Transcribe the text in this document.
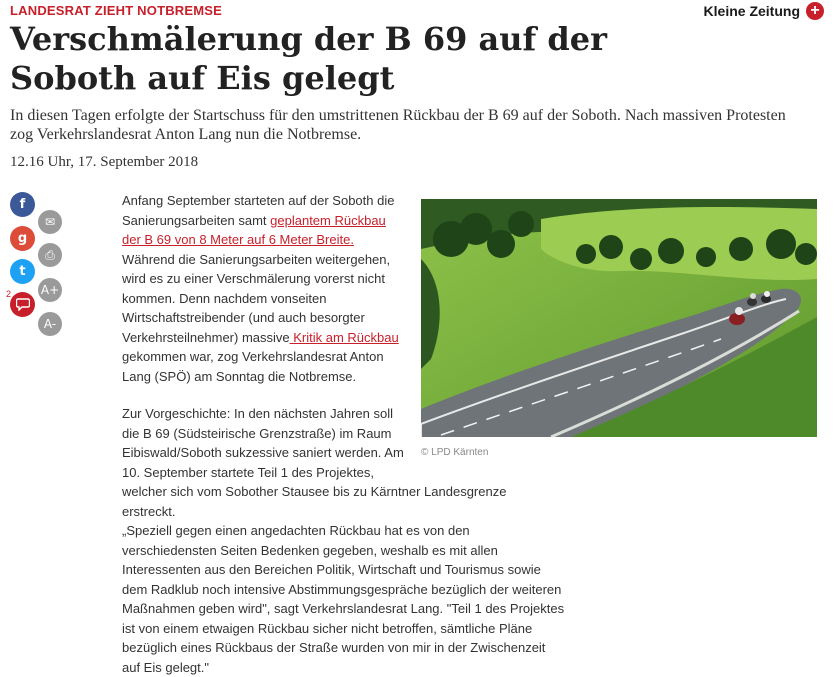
LANDESRAT ZIEHT NOTBREMSE	Kleine Zeitung +
Verschmälerung der B 69 auf der Soboth auf Eis gelegt

In diesen Tagen erfolgte der Startschuss für den umstrittenen Rückbau der B 69 auf der Soboth. Nach massiven Protesten zog Verkehrslandesrat Anton Lang nun die Notbremse.

12.16 Uhr, 17. September 2018
f
g
t
2
✉
⎙
A+
A-

Anfang September starteten auf der Soboth die Sanierungsarbeiten samt geplantem Rückbau der B 69 von 8 Meter auf 6 Meter Breite. Während die Sanierungsarbeiten weitergehen, wird es zu einer Verschmälerung vorerst nicht kommen. Denn nachdem vonseiten Wirtschaftstreibender (und auch besorgter Verkehrsteilnehmer) massive Kritik am Rückbau gekommen war, zog Verkehrslandesrat Anton Lang (SPÖ) am Sonntag die Notbremse.

© LPD Kärnten

Zur Vorgeschichte: In den nächsten Jahren soll
die B 69 (Südsteirische Grenzstraße) im Raum
Eibiswald/Soboth sukzessive saniert werden. Am
10. September startete Teil 1 des Projektes,
welcher sich vom Sobother Stausee bis zu Kärntner Landesgrenze erstreckt.

„Speziell gegen einen angedachten Rückbau hat es von den verschiedensten Seiten Bedenken gegeben, weshalb es mit allen Interessenten aus den Bereichen Politik, Wirtschaft und Tourismus sowie dem Radklub noch intensive Abstimmungsgespräche bezüglich der weiteren Maßnahmen geben wird", sagt Verkehrslandesrat Lang. "Teil 1 des Projektes ist von einem etwaigen Rückbau sicher nicht betroffen, sämtliche Pläne bezüglich eines Rückbaus der Straße wurden von mir in der Zwischenzeit auf Eis gelegt."
